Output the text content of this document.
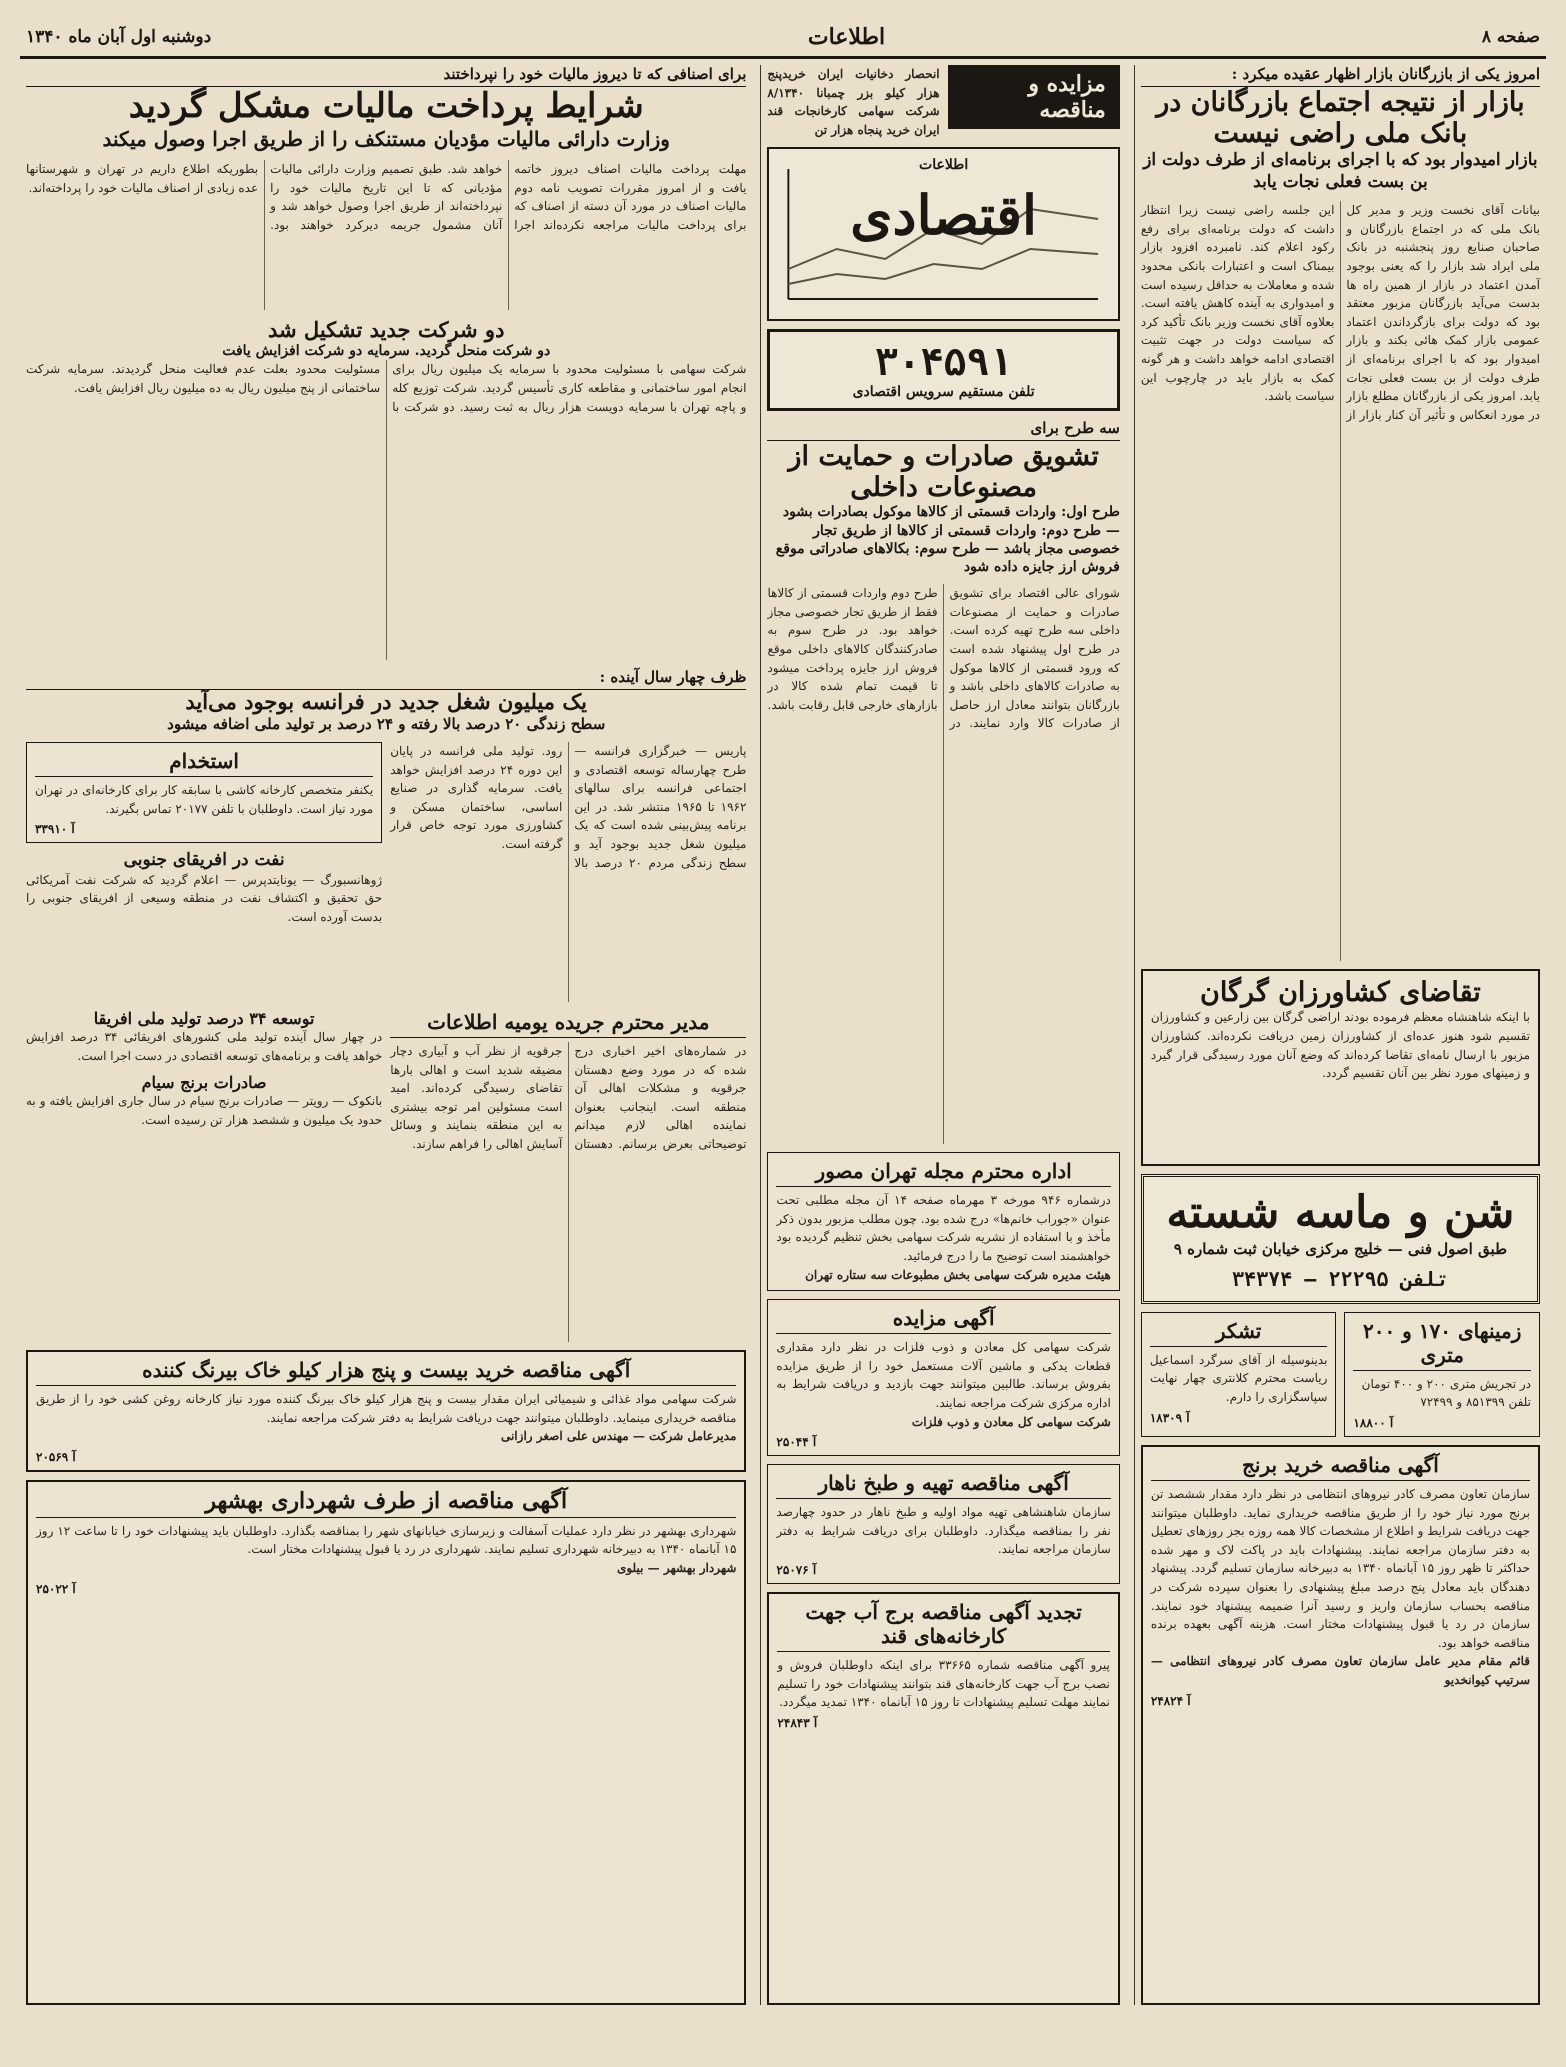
صفحه ۸
اطلاعات
دوشنبه اول آبان ماه ۱۳۴۰
امروز یکی از بازرگانان بازار اظهار عقیده میکرد :
بازار از نتیجه اجتماع بازرگانان در بانک ملی راضی نیست
بازار امیدوار بود که با اجرای برنامه‌ای از طرف دولت از بن بست فعلی نجات یابد
بیانات آقای نخست وزیر و مدیر کل بانک ملی که در اجتماع بازرگانان و صاحبان صنایع روز پنجشنبه در بانک ملی ایراد شد بازار را که یعنی بوجود آمدن اعتماد در بازار از همین راه ها بدست می‌آید بازرگانان مزبور معتقد بود که دولت برای بازگرداندن اعتماد عمومی بازار کمک هائی بکند و بازار امیدوار بود که با اجرای برنامه‌ای از طرف دولت از بن بست فعلی نجات یابد. امروز یکی از بازرگانان مطلع بازار در مورد انعکاس و تأثیر آن کنار بازار از این جلسه راضی نیست زیرا انتظار داشت که دولت برنامه‌ای برای رفع رکود اعلام کند. نامبرده افزود بازار بیمناک است و اعتبارات بانکی محدود شده و معاملات به حداقل رسیده است و امیدواری به آینده کاهش یافته است. بعلاوه آقای نخست وزیر بانک تأکید کرد که سیاست دولت در جهت تثبیت اقتصادی ادامه خواهد داشت و هر گونه کمک به بازار باید در چارچوب این سیاست باشد.
تقاضای کشاورزان گرگان
با اینکه شاهنشاه معظم فرموده بودند اراضی گرگان بین زارعین و کشاورزان تقسیم شود هنوز عده‌ای از کشاورزان زمین دریافت نکرده‌اند. کشاورزان مزبور با ارسال نامه‌ای تقاضا کرده‌اند که وضع آنان مورد رسیدگی قرار گیرد و زمینهای مورد نظر بین آنان تقسیم گردد.
شن و ماسه شسته
طبق اصول فنی — خلیج مرکزی خیابان ثبت شماره ۹
تلفن ۲۲۲۹۵ — ۳۴۳۷۴
زمینهای ۱۷۰ و ۲۰۰ متری
در تجریش متری ۲۰۰ و ۴۰۰ تومان
تلفن ۸۵۱۳۹۹ و ۷۲۴۹۹
آ ۱۸۸۰۰
تشکر
بدینوسیله از آقای سرگرد اسماعیل ریاست محترم کلانتری چهار نهایت سپاسگزاری را دارم.
آ ۱۸۳۰۹
آگهی مناقصه خرید برنج
سازمان تعاون مصرف کادر نیروهای انتظامی در نظر دارد مقدار ششصد تن برنج مورد نیاز خود را از طریق مناقصه خریداری نماید. داوطلبان میتوانند جهت دریافت شرایط و اطلاع از مشخصات کالا همه روزه بجز روزهای تعطیل به دفتر سازمان مراجعه نمایند. پیشنهادات باید در پاکت لاک و مهر شده حداکثر تا ظهر روز ۱۵ آبانماه ۱۳۴۰ به دبیرخانه سازمان تسلیم گردد. پیشنهاد دهندگان باید معادل پنج درصد مبلغ پیشنهادی را بعنوان سپرده شرکت در مناقصه بحساب سازمان واریز و رسید آنرا ضمیمه پیشنهاد خود نمایند. سازمان در رد یا قبول پیشنهادات مختار است. هزینه آگهی بعهده برنده مناقصه خواهد بود.
قائم مقام مدیر عامل سازمان تعاون مصرف کادر نیروهای انتظامی — سرتیپ کیوانخدیو
آ ۲۴۸۲۴
مزایده و مناقصه
انحصار دخانیات ایران خریدپنج هزار کیلو بزر چمبانا ۸/۱۳۴۰ شرکت سهامی کارخانجات قند ایران خرید پنجاه هزار تن
اطلاعات
اقتصادی
۳۰۴۵۹۱
تلفن مستقیم سرویس اقتصادی
سه طرح برای
تشویق صادرات و حمایت از مصنوعات داخلی
طرح اول: واردات قسمتی از کالاها موکول بصادرات بشود — طرح دوم: واردات قسمتی از کالاها از طریق تجار خصوصی مجاز باشد — طرح سوم: بکالاهای صادراتی موقع فروش ارز جایزه داده شود
شورای عالی اقتصاد برای تشویق صادرات و حمایت از مصنوعات داخلی سه طرح تهیه کرده است. در طرح اول پیشنهاد شده است که ورود قسمتی از کالاها موکول به صادرات کالاهای داخلی باشد و بازرگانان بتوانند معادل ارز حاصل از صادرات کالا وارد نمایند. در طرح دوم واردات قسمتی از کالاها فقط از طریق تجار خصوصی مجاز خواهد بود. در طرح سوم به صادرکنندگان کالاهای داخلی موقع فروش ارز جایزه پرداخت میشود تا قیمت تمام شده کالا در بازارهای خارجی قابل رقابت باشد.
اداره محترم مجله تهران مصور
درشماره ۹۴۶ مورخه ۳ مهرماه صفحه ۱۴ آن مجله مطلبی تحت عنوان «جوراب خانم‌ها» درج شده بود. چون مطلب مزبور بدون ذکر مأخذ و با استفاده از نشریه شرکت سهامی بخش تنظیم گردیده بود خواهشمند است توضیح ما را درج فرمائید.
هیئت مدیره شرکت سهامی بخش مطبوعات سه ستاره تهران
آگهی مزایده
شرکت سهامی کل معادن و ذوب فلزات در نظر دارد مقداری قطعات یدکی و ماشین آلات مستعمل خود را از طریق مزایده بفروش برساند. طالبین میتوانند جهت بازدید و دریافت شرایط به اداره مرکزی شرکت مراجعه نمایند.
شرکت سهامی کل معادن و ذوب فلزات
آ ۲۵۰۴۴
آگهی مناقصه تهیه و طبخ ناهار
سازمان شاهنشاهی تهیه مواد اولیه و طبخ ناهار در حدود چهارصد نفر را بمناقصه میگذارد. داوطلبان برای دریافت شرایط به دفتر سازمان مراجعه نمایند.
آ ۲۵۰۷۶
تجدید آگهی مناقصه برج آب جهت کارخانه‌های قند
پیرو آگهی مناقصه شماره ۳۳۶۶۵ برای اینکه داوطلبان فروش و نصب برج آب جهت کارخانه‌های قند بتوانند پیشنهادات خود را تسلیم نمایند مهلت تسلیم پیشنهادات تا روز ۱۵ آبانماه ۱۳۴۰ تمدید میگردد.
آ ۲۴۸۴۳
برای اصنافی که تا دیروز مالیات خود را نپرداختند
شرایط پرداخت مالیات مشکل گردید
وزارت دارائی مالیات مؤدیان مستنکف را از طریق اجرا وصول میکند
مهلت پرداخت مالیات اصناف دیروز خاتمه یافت و از امروز مقررات تصویب نامه دوم مالیات اصناف در مورد آن دسته از اصناف که برای پرداخت مالیات مراجعه نکرده‌اند اجرا خواهد شد. طبق تصمیم وزارت دارائی مالیات مؤدیانی که تا این تاریخ مالیات خود را نپرداخته‌اند از طریق اجرا وصول خواهد شد و آنان مشمول جریمه دیرکرد خواهند بود. بطوریکه اطلاع داریم در تهران و شهرستانها عده زیادی از اصناف مالیات خود را پرداخته‌اند.
دو شرکت جدید تشکیل شد
دو شرکت منحل گردید. سرمایه دو شرکت افزایش یافت
شرکت سهامی با مسئولیت محدود با سرمایه یک میلیون ریال برای انجام امور ساختمانی و مقاطعه کاری تأسیس گردید. شرکت توزیع کله و پاچه تهران با سرمایه دویست هزار ریال به ثبت رسید. دو شرکت با مسئولیت محدود بعلت عدم فعالیت منحل گردیدند. سرمایه شرکت ساختمانی از پنج میلیون ریال به ده میلیون ریال افزایش یافت.
ظرف چهار سال آینده :
یک میلیون شغل جدید در فرانسه بوجود می‌آید
سطح زندگی ۲۰ درصد بالا رفته و ۲۴ درصد بر تولید ملی اضافه میشود
پاریس — خبرگزاری فرانسه — طرح چهارساله توسعه اقتصادی و اجتماعی فرانسه برای سالهای ۱۹۶۲ تا ۱۹۶۵ منتشر شد. در این برنامه پیش‌بینی شده است که یک میلیون شغل جدید بوجود آید و سطح زندگی مردم ۲۰ درصد بالا رود. تولید ملی فرانسه در پایان این دوره ۲۴ درصد افزایش خواهد یافت. سرمایه گذاری در صنایع اساسی، ساختمان مسکن و کشاورزی مورد توجه خاص قرار گرفته است.
استخدام
یکنفر متخصص کارخانه کاشی با سابقه کار برای کارخانه‌ای در تهران مورد نیاز است. داوطلبان با تلفن ۲۰۱۷۷ تماس بگیرند.
آ ۳۳۹۱۰
نفت در افریقای جنوبی
ژوهانسبورگ — یونایتدپرس — اعلام گردید که شرکت نفت آمریکائی حق تحقیق و اکتشاف نفت در منطقه وسیعی از افریقای جنوبی را بدست آورده است.
مدیر محترم جریده یومیه اطلاعات
در شماره‌های اخیر اخباری درج شده که در مورد وضع دهستان جرقویه و مشکلات اهالی آن منطقه است. اینجانب بعنوان نماینده اهالی لازم میدانم توضیحاتی بعرض برسانم. دهستان جرقویه از نظر آب و آبیاری دچار مضیقه شدید است و اهالی بارها تقاضای رسیدگی کرده‌اند. امید است مسئولین امر توجه بیشتری به این منطقه بنمایند و وسائل آسایش اهالی را فراهم سازند.
توسعه ۳۴ درصد تولید ملی افریقا
در چهار سال آینده تولید ملی کشورهای افریقائی ۳۴ درصد افزایش خواهد یافت و برنامه‌های توسعه اقتصادی در دست اجرا است.
صادرات برنج سیام
بانکوک — رویتر — صادرات برنج سیام در سال جاری افزایش یافته و به حدود یک میلیون و ششصد هزار تن رسیده است.
آگهی مناقصه خرید بیست و پنج هزار کیلو خاک بیرنگ کننده
شرکت سهامی مواد غذائی و شیمیائی ایران مقدار بیست و پنج هزار کیلو خاک بیرنگ کننده مورد نیاز کارخانه روغن کشی خود را از طریق مناقصه خریداری مینماید. داوطلبان میتوانند جهت دریافت شرایط به دفتر شرکت مراجعه نمایند.
مدیرعامل شرکت — مهندس علی اصغر رازانی
آ ۲۰۵۶۹
آگهی مناقصه از طرف شهرداری بهشهر
شهرداری بهشهر در نظر دارد عملیات آسفالت و زیرسازی خیابانهای شهر را بمناقصه بگذارد. داوطلبان باید پیشنهادات خود را تا ساعت ۱۲ روز ۱۵ آبانماه ۱۳۴۰ به دبیرخانه شهرداری تسلیم نمایند. شهرداری در رد یا قبول پیشنهادات مختار است.
شهردار بهشهر — بیلوی
آ ۲۵۰۲۲
